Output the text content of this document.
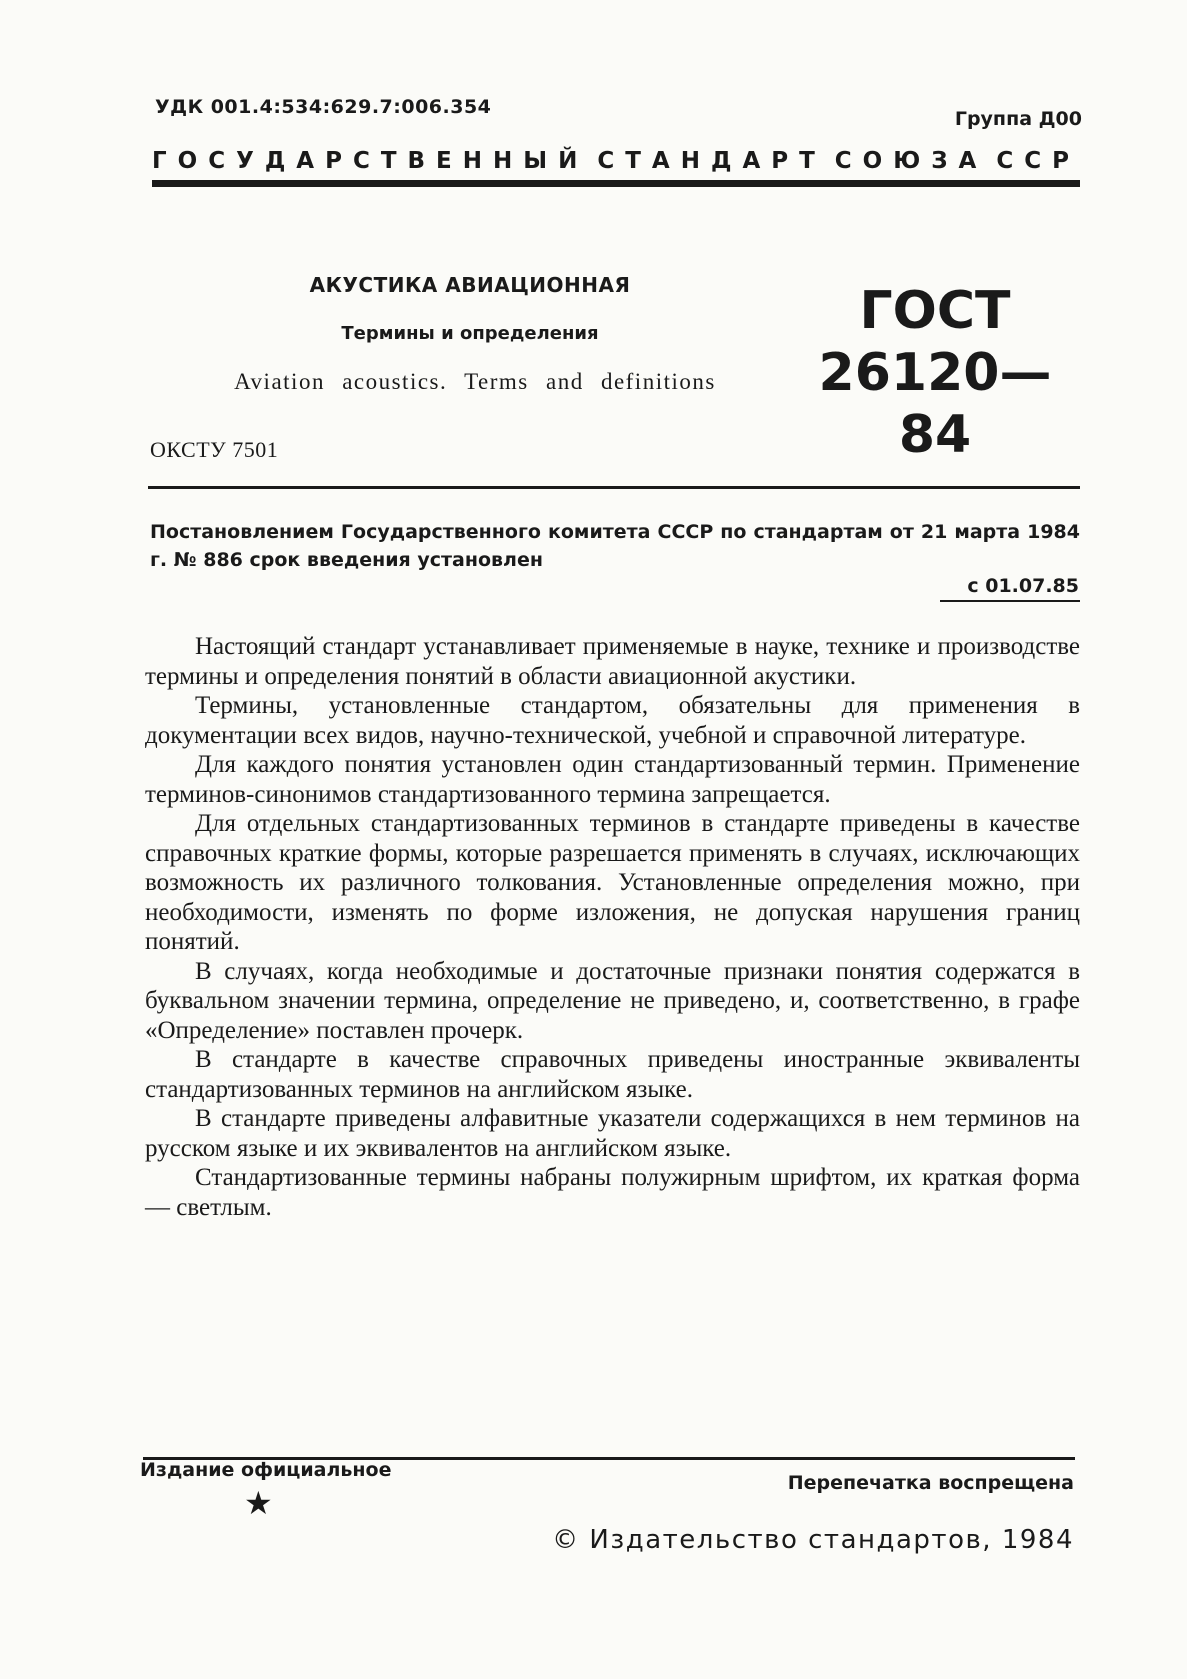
УДК 001.4:534:629.7:006.354
Группа Д00
ГОСУДАРСТВЕННЫЙ СТАНДАРТ СОЮЗА ССР
АКУСТИКА АВИАЦИОННАЯ
Термины и определения
Aviation acoustics. Terms and definitions
ГОСТ
26120—84
ОКСТУ 7501
Постановлением Государственного комитета СССР по стандартам от 21 марта 1984 г. № 886 срок введения установлен
с 01.07.85

Настоящий стандарт устанавливает применяемые в науке, технике и производстве термины и определения понятий в области авиационной акустики.

Термины, установленные стандартом, обязательны для применения в документации всех видов, научно-технической, учебной и справочной литературе.

Для каждого понятия установлен один стандартизованный термин. Применение терминов-синонимов стандартизованного термина запрещается.

Для отдельных стандартизованных терминов в стандарте приведены в качестве справочных краткие формы, которые разрешается применять в случаях, исключающих возможность их различного толкования. Установленные определения можно, при необходимости, изменять по форме изложения, не допуская нарушения границ понятий.

В случаях, когда необходимые и достаточные признаки понятия содержатся в буквальном значении термина, определение не приведено, и, соответственно, в графе «Определение» поставлен прочерк.

В стандарте в качестве справочных приведены иностранные эквиваленты стандартизованных терминов на английском языке.

В стандарте приведены алфавитные указатели содержащихся в нем терминов на русском языке и их эквивалентов на английском языке.

Стандартизованные термины набраны полужирным шрифтом, их краткая форма — светлым.

Издание официальное
★
Перепечатка воспрещена
© Издательство стандартов, 1984
